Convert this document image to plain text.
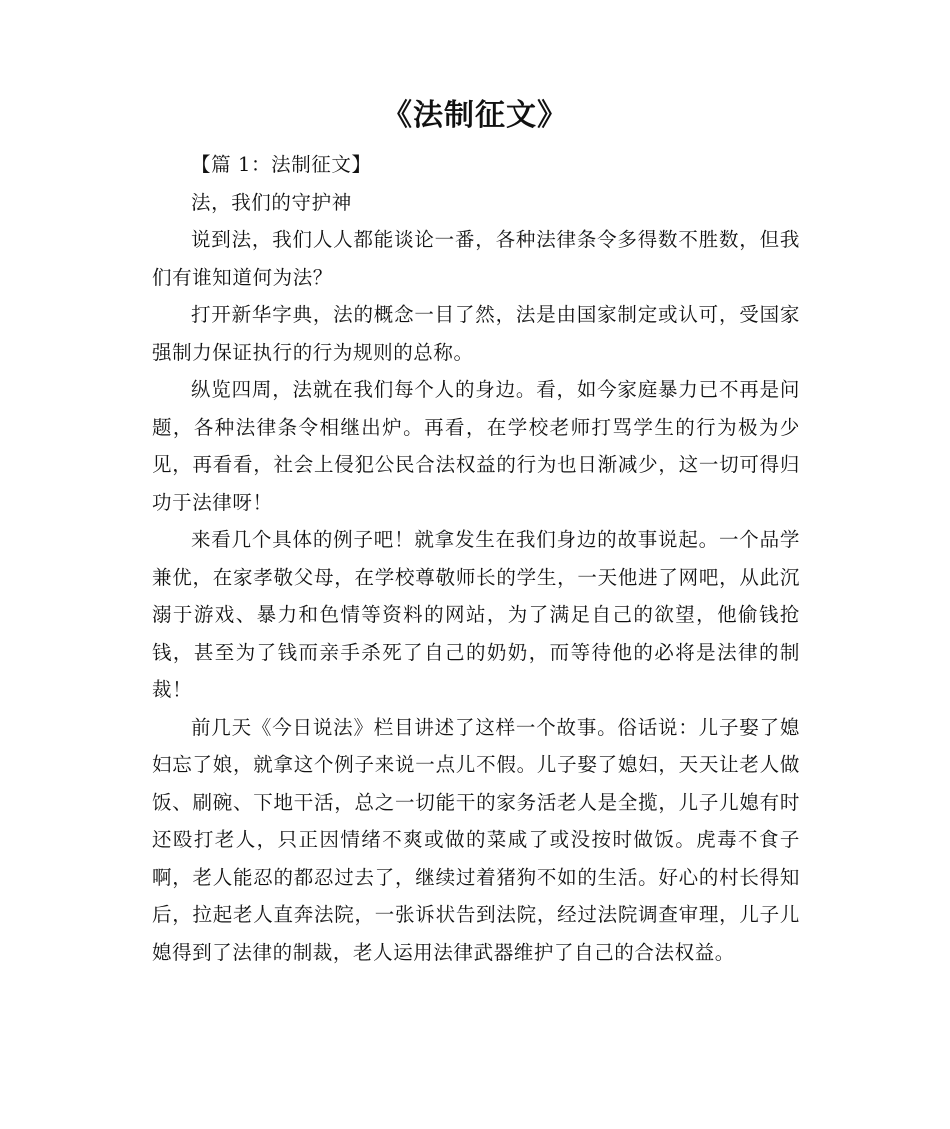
《法制征文》

【篇 1：法制征文】

法，我们的守护神

说到法，我们人人都能谈论一番，各种法律条令多得数不胜数，但我们有谁知道何为法？

打开新华字典，法的概念一目了然，法是由国家制定或认可，受国家强制力保证执行的行为规则的总称。

纵览四周，法就在我们每个人的身边。看，如今家庭暴力已不再是问题，各种法律条令相继出炉。再看，在学校老师打骂学生的行为极为少见，再看看，社会上侵犯公民合法权益的行为也日渐减少，这一切可得归功于法律呀！

来看几个具体的例子吧！就拿发生在我们身边的故事说起。一个品学兼优，在家孝敬父母，在学校尊敬师长的学生，一天他进了网吧，从此沉溺于游戏、暴力和色情等资料的网站，为了满足自己的欲望，他偷钱抢钱，甚至为了钱而亲手杀死了自己的奶奶，而等待他的必将是法律的制裁！

前几天《今日说法》栏目讲述了这样一个故事。俗话说：儿子娶了媳妇忘了娘，就拿这个例子来说一点儿不假。儿子娶了媳妇，天天让老人做饭、刷碗、下地干活，总之一切能干的家务活老人是全揽，儿子儿媳有时还殴打老人，只正因情绪不爽或做的菜咸了或没按时做饭。虎毒不食子啊，老人能忍的都忍过去了，继续过着猪狗不如的生活。好心的村长得知后，拉起老人直奔法院，一张诉状告到法院，经过法院调查审理，儿子儿媳得到了法律的制裁，老人运用法律武器维护了自己的合法权益。
